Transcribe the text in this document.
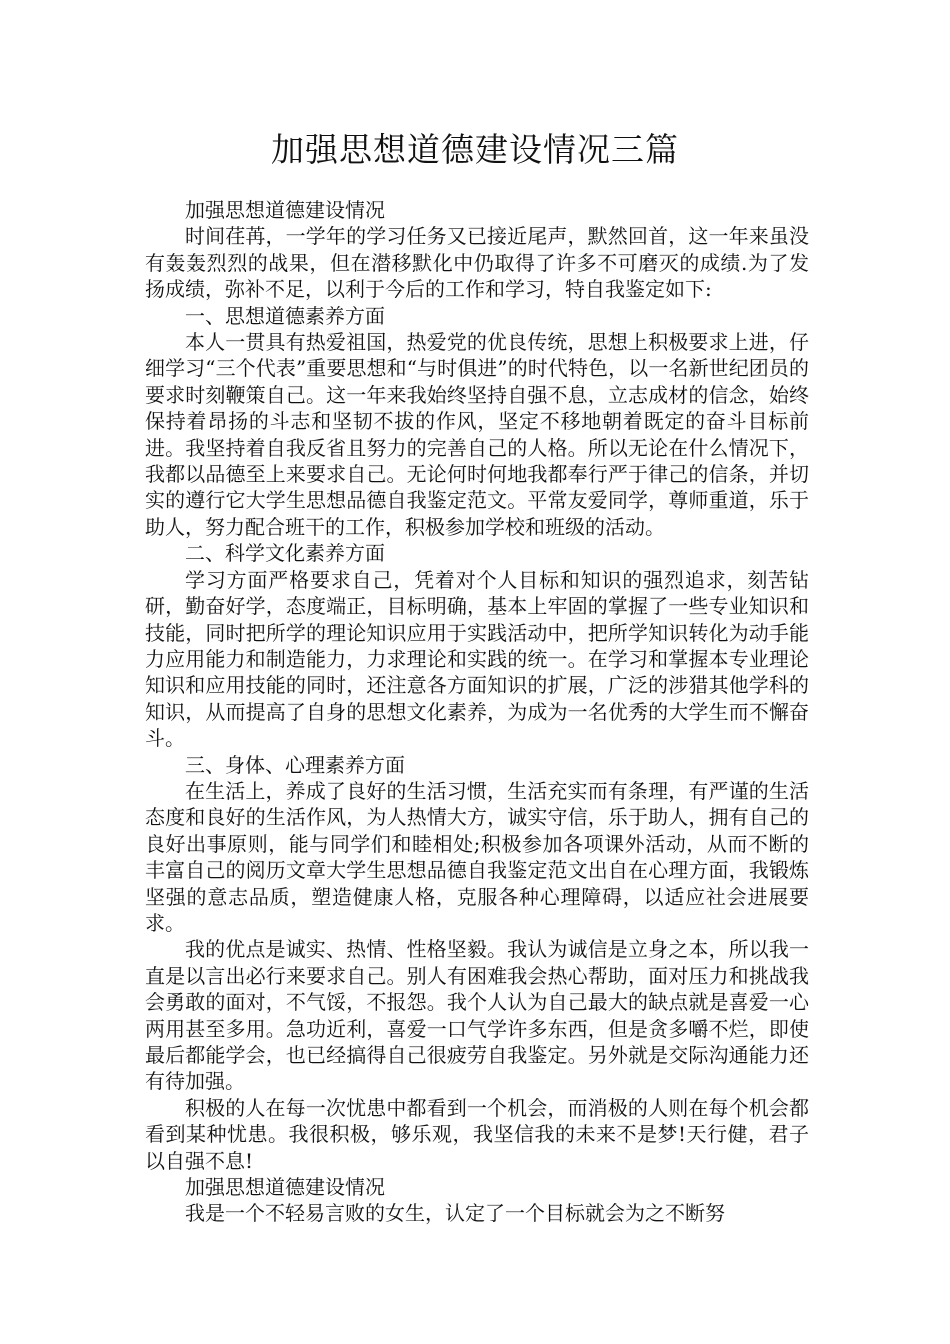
加强思想道德建设情况三篇

加强思想道德建设情况

时间荏苒，一学年的学习任务又已接近尾声，默然回首，这一年来虽没有轰轰烈烈的战果，但在潜移默化中仍取得了许多不可磨灭的成绩.为了发扬成绩，弥补不足，以利于今后的工作和学习，特自我鉴定如下:

一、思想道德素养方面

本人一贯具有热爱祖国，热爱党的优良传统，思想上积极要求上进，仔细学习“三个代表”重要思想和“与时俱进”的时代特色，以一名新世纪团员的要求时刻鞭策自己。这一年来我始终坚持自强不息，立志成材的信念，始终保持着昂扬的斗志和坚韧不拔的作风，坚定不移地朝着既定的奋斗目标前进。我坚持着自我反省且努力的完善自己的人格。所以无论在什么情况下，我都以品德至上来要求自己。无论何时何地我都奉行严于律己的信条，并切实的遵行它大学生思想品德自我鉴定范文。平常友爱同学，尊师重道，乐于助人，努力配合班干的工作，积极参加学校和班级的活动。

二、科学文化素养方面

学习方面严格要求自己，凭着对个人目标和知识的强烈追求，刻苦钻研，勤奋好学，态度端正，目标明确，基本上牢固的掌握了一些专业知识和技能，同时把所学的理论知识应用于实践活动中，把所学知识转化为动手能力应用能力和制造能力，力求理论和实践的统一。在学习和掌握本专业理论知识和应用技能的同时，还注意各方面知识的扩展，广泛的涉猎其他学科的知识，从而提高了自身的思想文化素养，为成为一名优秀的大学生而不懈奋斗。

三、身体、心理素养方面

在生活上，养成了良好的生活习惯，生活充实而有条理，有严谨的生活态度和良好的生活作风，为人热情大方，诚实守信，乐于助人，拥有自己的良好出事原则，能与同学们和睦相处;积极参加各项课外活动，从而不断的丰富自己的阅历文章大学生思想品德自我鉴定范文出自在心理方面，我锻炼坚强的意志品质，塑造健康人格，克服各种心理障碍，以适应社会进展要求。

我的优点是诚实、热情、性格坚毅。我认为诚信是立身之本，所以我一直是以言出必行来要求自己。别人有困难我会热心帮助，面对压力和挑战我会勇敢的面对，不气馁，不报怨。我个人认为自己最大的缺点就是喜爱一心两用甚至多用。急功近利，喜爱一口气学许多东西，但是贪多嚼不烂，即使最后都能学会，也已经搞得自己很疲劳自我鉴定。另外就是交际沟通能力还有待加强。

积极的人在每一次忧患中都看到一个机会，而消极的人则在每个机会都看到某种忧患。我很积极，够乐观，我坚信我的未来不是梦!天行健，君子以自强不息!

加强思想道德建设情况

我是一个不轻易言败的女生，认定了一个目标就会为之不断努
